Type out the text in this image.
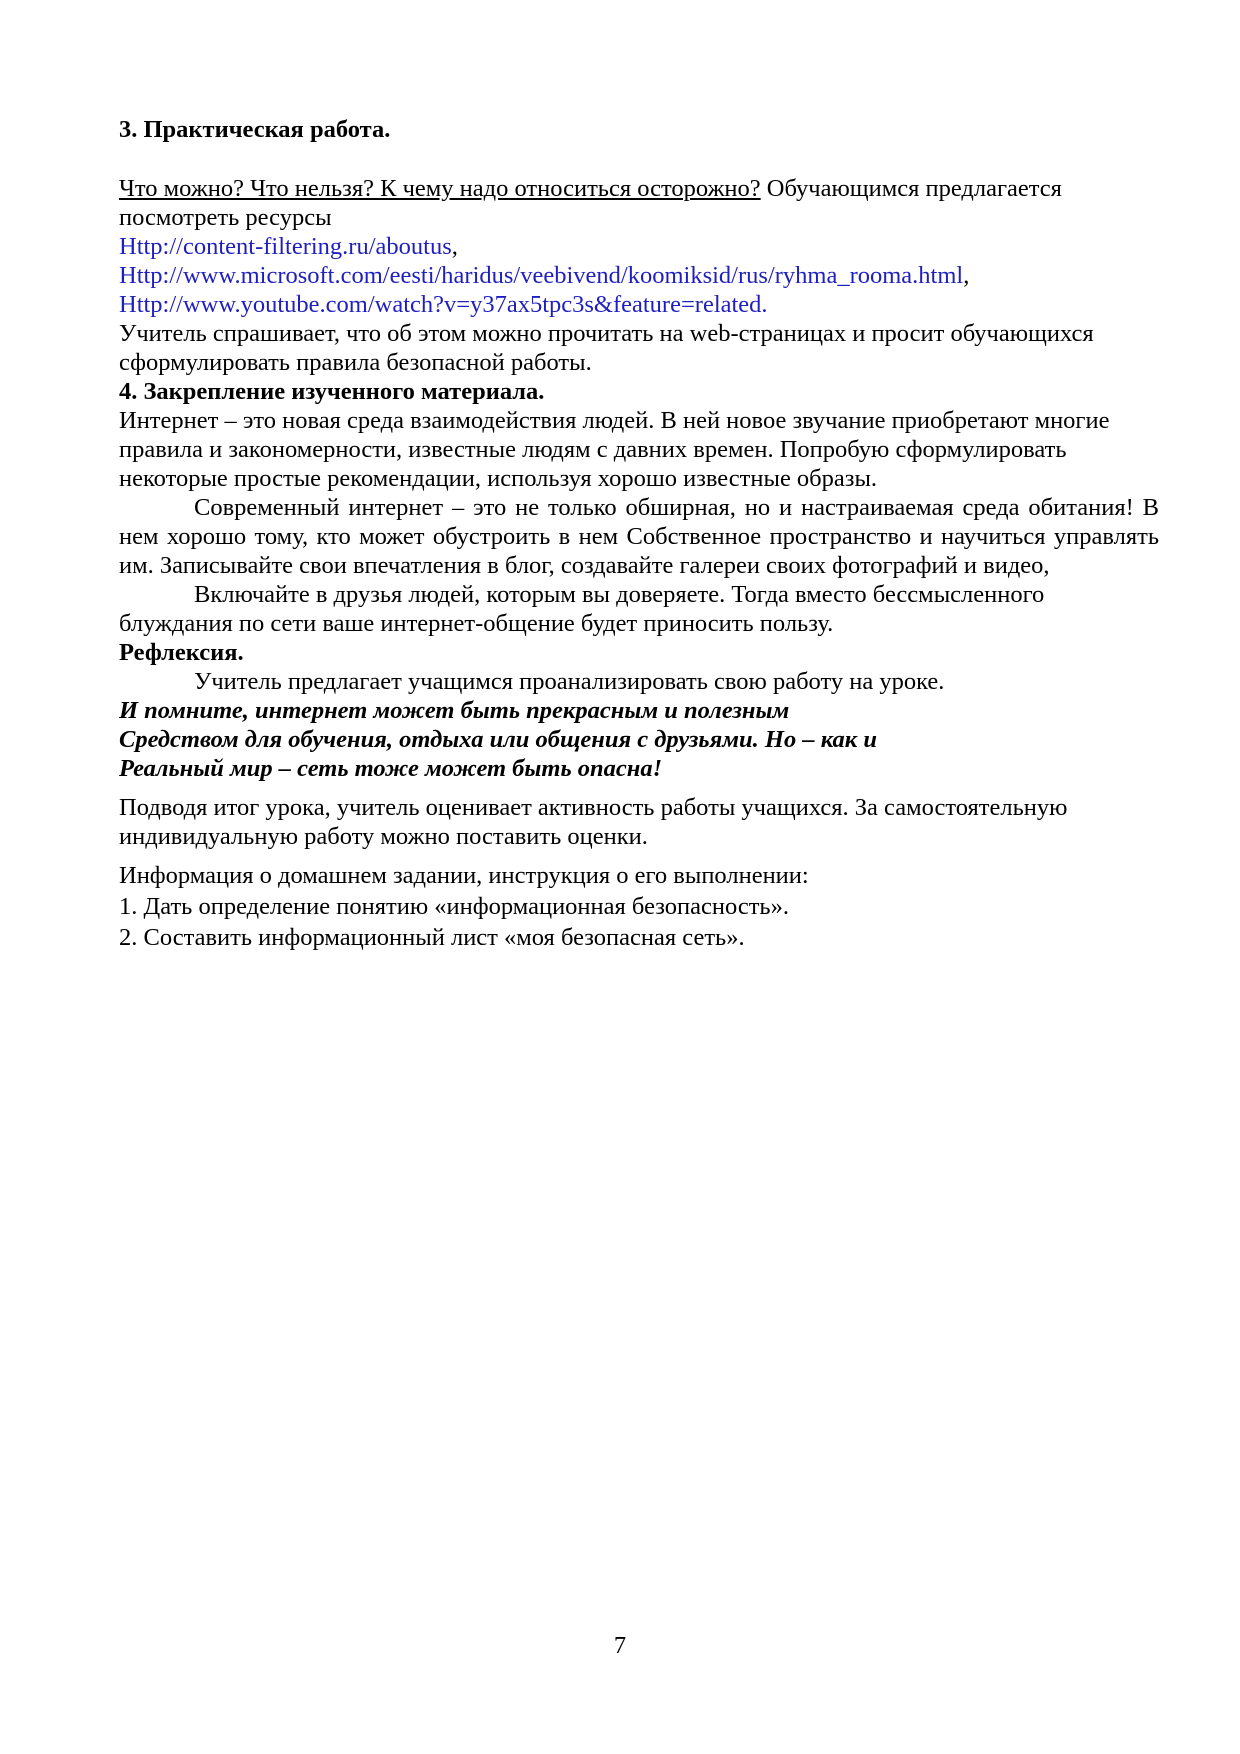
3. Практическая работа.

Что можно? Что нельзя? К чему надо относиться осторожно? Обучающимся предлагается посмотреть ресурсы

Http://content-filtering.ru/aboutus,
Http://www.microsoft.com/eesti/haridus/veebivend/koomiksid/rus/ryhma_rooma.html,
Http://www.youtube.com/watch?v=y37ax5tpc3s&feature=related.

Учитель спрашивает, что об этом можно прочитать на web-страницах и просит обучающихся сформулировать правила безопасной работы.

4. Закрепление изученного материала.

Интернет – это новая среда взаимодействия людей. В ней новое звучание приобретают многие правила и закономерности, известные людям с давних времен. Попробую сформулировать некоторые простые рекомендации, используя хорошо известные образы.

Современный интернет – это не только обширная, но и настраиваемая среда обитания! В нем хорошо тому, кто может обустроить в нем Собственное пространство и научиться управлять им. Записывайте свои впечатления в блог, создавайте галереи своих фотографий и видео,

Включайте в друзья людей, которым вы доверяете. Тогда вместо бессмысленного блуждания по сети ваше интернет-общение будет приносить пользу.

Рефлексия.

Учитель предлагает учащимся проанализировать свою работу на уроке.

И помните, интернет может быть прекрасным и полезным

Средством для обучения, отдыха или общения с друзьями. Но – как и

Реальный мир – сеть тоже может быть опасна!

Подводя итог урока, учитель оценивает активность работы учащихся. За самостоятельную индивидуальную работу можно поставить оценки.

Информация о домашнем задании, инструкция о его выполнении:

1. Дать определение понятию «информационная безопасность».

2. Составить информационный лист «моя безопасная сеть».

7
